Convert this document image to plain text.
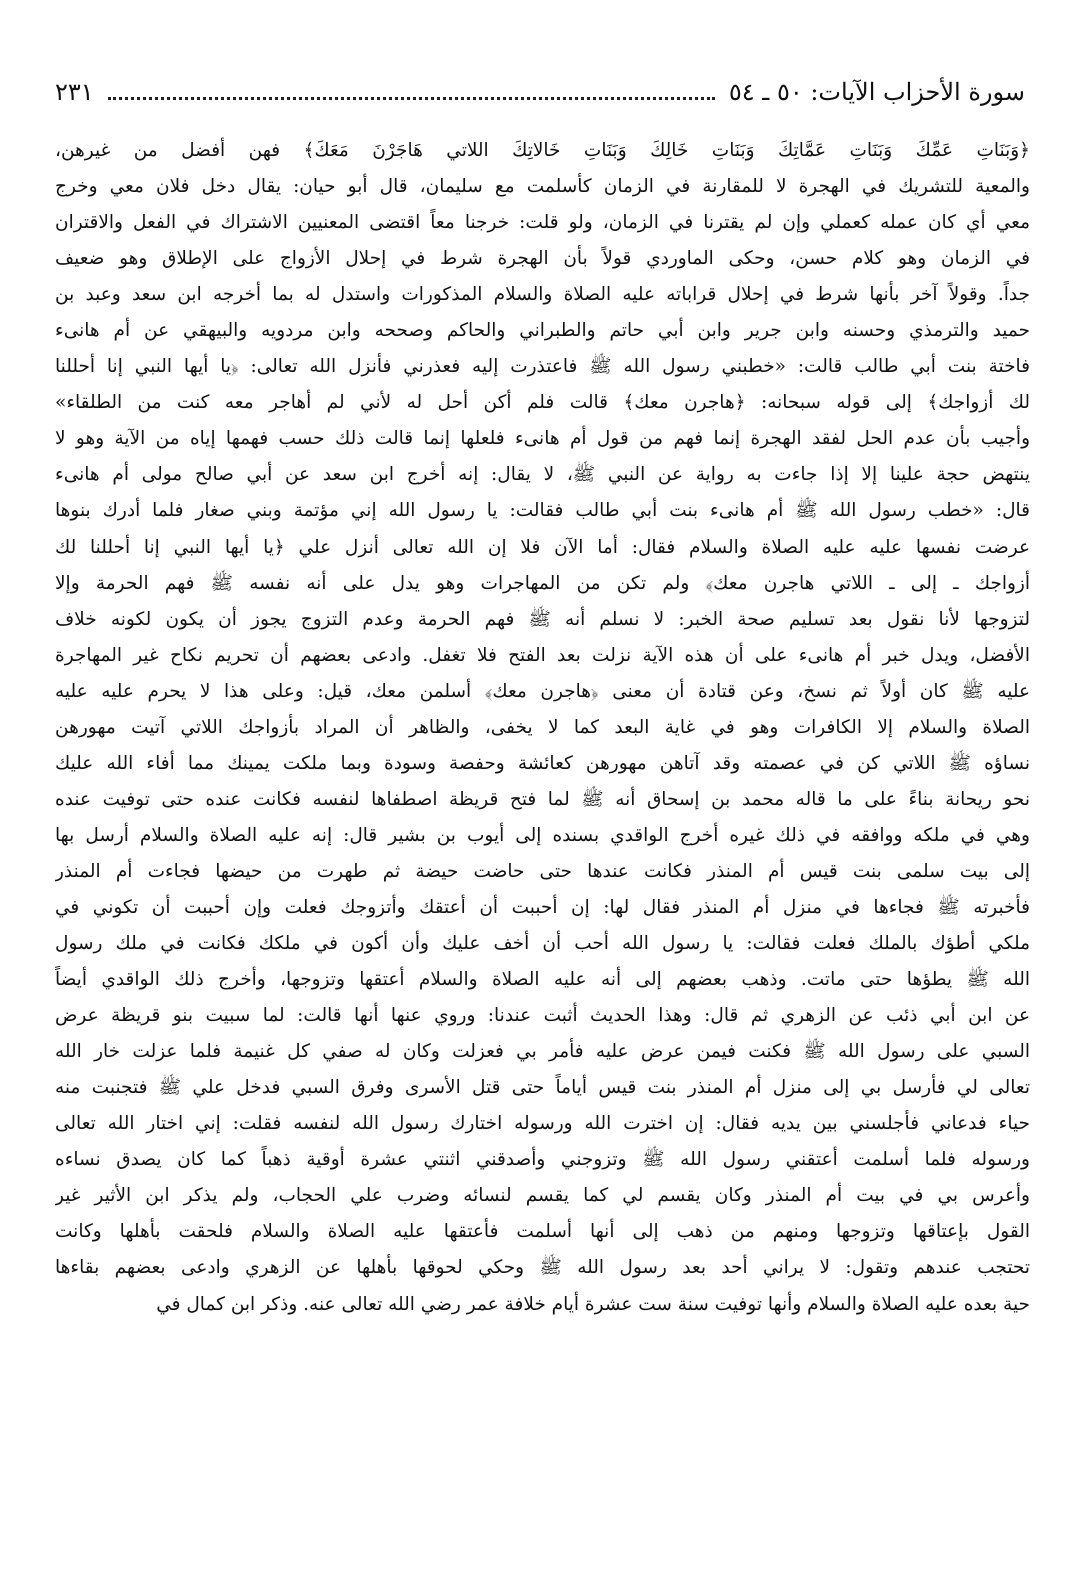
سورة الأحزاب الآيات: ٥٠ ـ ٥٤
٢٣١
﴿وَبَنَاتِ عَمِّكَ وَبَنَاتِ عَمَّاتِكَ وَبَنَاتِ خَالِكَ وَبَنَاتِ خَالاتِكَ اللاتي هَاجَرْنَ مَعَكَ﴾ فهن أفضل من غيرهن،
والمعية للتشريك في الهجرة لا للمقارنة في الزمان كأسلمت مع سليمان، قال أبو حيان: يقال دخل فلان معي وخرج
معي أي كان عمله كعملي وإن لم يقترنا في الزمان، ولو قلت: خرجنا معاً اقتضى المعنيين الاشتراك في الفعل والاقتران
في الزمان وهو كلام حسن، وحكى الماوردي قولاً بأن الهجرة شرط في إحلال الأزواج على الإطلاق وهو ضعيف
جداً. وقولاً آخر بأنها شرط في إحلال قراباته عليه الصلاة والسلام المذكورات واستدل له بما أخرجه ابن سعد وعبد بن
حميد والترمذي وحسنه وابن جرير وابن أبي حاتم والطبراني والحاكم وصححه وابن مردويه والبيهقي عن أم هانىء
فاختة بنت أبي طالب قالت: «خطبني رسول الله ﷺ فاعتذرت إليه فعذرني فأنزل الله تعالى: ﴿يا أيها النبي إنا أحللنا
لك أزواجك﴾ إلى قوله سبحانه: ﴿هاجرن معك﴾ قالت فلم أكن أحل له لأني لم أهاجر معه كنت من الطلقاء»
وأجيب بأن عدم الحل لفقد الهجرة إنما فهم من قول أم هانىء فلعلها إنما قالت ذلك حسب فهمها إياه من الآية وهو لا
ينتهض حجة علينا إلا إذا جاءت به رواية عن النبي ﷺ، لا يقال: إنه أخرج ابن سعد عن أبي صالح مولى أم هانىء
قال: «خطب رسول الله ﷺ أم هانىء بنت أبي طالب فقالت: يا رسول الله إني مؤتمة وبني صغار فلما أدرك بنوها
عرضت نفسها عليه عليه الصلاة والسلام فقال: أما الآن فلا إن الله تعالى أنزل علي ﴿يا أيها النبي إنا أحللنا لك
أزواجك ـ إلى ـ اللاتي هاجرن معك﴾ ولم تكن من المهاجرات وهو يدل على أنه نفسه ﷺ فهم الحرمة وإلا
لتزوجها لأنا نقول بعد تسليم صحة الخبر: لا نسلم أنه ﷺ فهم الحرمة وعدم التزوج يجوز أن يكون لكونه خلاف
الأفضل، ويدل خبر أم هانىء على أن هذه الآية نزلت بعد الفتح فلا تغفل. وادعى بعضهم أن تحريم نكاح غير المهاجرة
عليه ﷺ كان أولاً ثم نسخ، وعن قتادة أن معنى ﴿هاجرن معك﴾ أسلمن معك، قيل: وعلى هذا لا يحرم عليه عليه
الصلاة والسلام إلا الكافرات وهو في غاية البعد كما لا يخفى، والظاهر أن المراد بأزواجك اللاتي آتيت مهورهن
نساؤه ﷺ اللاتي كن في عصمته وقد آتاهن مهورهن كعائشة وحفصة وسودة وبما ملكت يمينك مما أفاء الله عليك
نحو ريحانة بناءً على ما قاله محمد بن إسحاق أنه ﷺ لما فتح قريظة اصطفاها لنفسه فكانت عنده حتى توفيت عنده
وهي في ملكه ووافقه في ذلك غيره أخرج الواقدي بسنده إلى أيوب بن بشير قال: إنه عليه الصلاة والسلام أرسل بها
إلى بيت سلمى بنت قيس أم المنذر فكانت عندها حتى حاضت حيضة ثم طهرت من حيضها فجاءت أم المنذر
فأخبرته ﷺ فجاءها في منزل أم المنذر فقال لها: إن أحببت أن أعتقك وأتزوجك فعلت وإن أحببت أن تكوني في
ملكي أطؤك بالملك فعلت فقالت: يا رسول الله أحب أن أخف عليك وأن أكون في ملكك فكانت في ملك رسول
الله ﷺ يطؤها حتى ماتت. وذهب بعضهم إلى أنه عليه الصلاة والسلام أعتقها وتزوجها، وأخرج ذلك الواقدي أيضاً
عن ابن أبي ذئب عن الزهري ثم قال: وهذا الحديث أثبت عندنا: وروي عنها أنها قالت: لما سبيت بنو قريظة عرض
السبي على رسول الله ﷺ فكنت فيمن عرض عليه فأمر بي فعزلت وكان له صفي كل غنيمة فلما عزلت خار الله
تعالى لي فأرسل بي إلى منزل أم المنذر بنت قيس أياماً حتى قتل الأسرى وفرق السبي فدخل علي ﷺ فتجنبت منه
حياء فدعاني فأجلسني بين يديه فقال: إن اخترت الله ورسوله اختارك رسول الله لنفسه فقلت: إني اختار الله تعالى
ورسوله فلما أسلمت أعتقني رسول الله ﷺ وتزوجني وأصدقني اثنتي عشرة أوقية ذهباً كما كان يصدق نساءه
وأعرس بي في بيت أم المنذر وكان يقسم لي كما يقسم لنسائه وضرب علي الحجاب، ولم يذكر ابن الأثير غير
القول بإعتاقها وتزوجها ومنهم من ذهب إلى أنها أسلمت فأعتقها عليه الصلاة والسلام فلحقت بأهلها وكانت
تحتجب عندهم وتقول: لا يراني أحد بعد رسول الله ﷺ وحكي لحوقها بأهلها عن الزهري وادعى بعضهم بقاءها
حية بعده عليه الصلاة والسلام وأنها توفيت سنة ست عشرة أيام خلافة عمر رضي الله تعالى عنه. وذكر ابن كمال في
